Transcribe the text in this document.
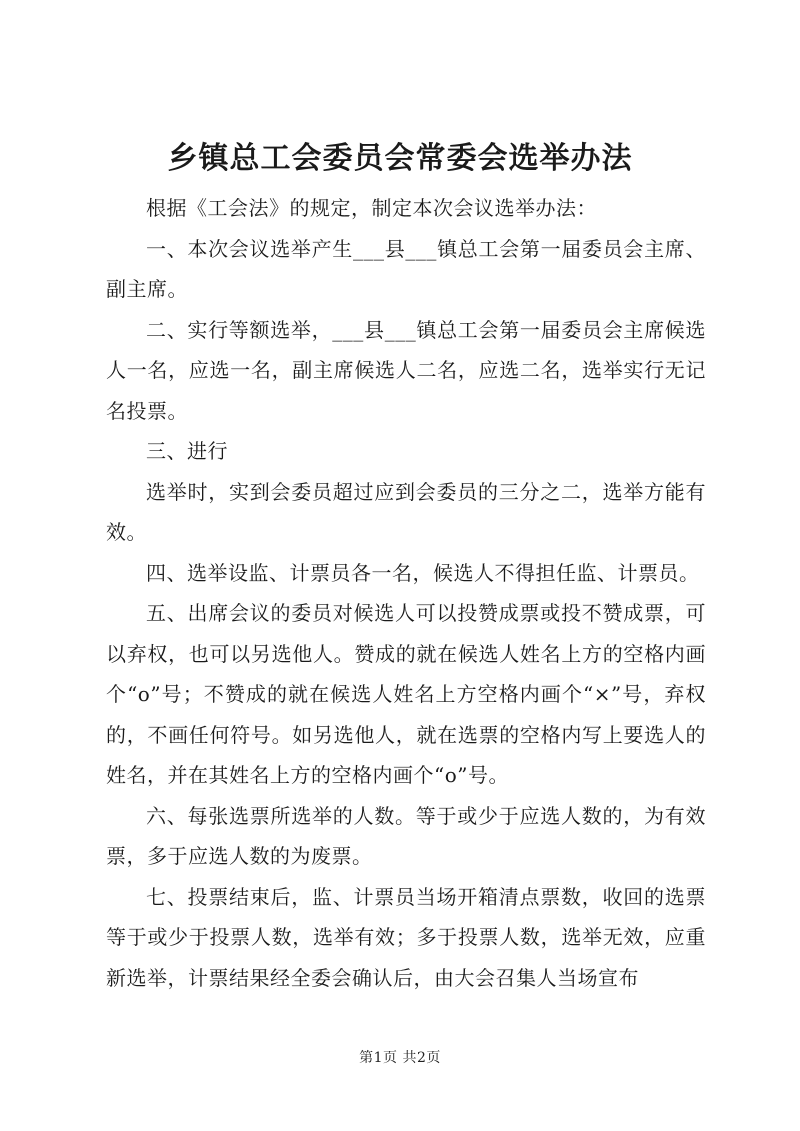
乡镇总工会委员会常委会选举办法

根据《工会法》的规定，制定本次会议选举办法：

一、本次会议选举产生___县___镇总工会第一届委员会主席、副主席。

二、实行等额选举，___县___镇总工会第一届委员会主席候选人一名，应选一名，副主席候选人二名，应选二名，选举实行无记名投票。

三、进行

选举时，实到会委员超过应到会委员的三分之二，选举方能有效。

四、选举设监、计票员各一名，候选人不得担任监、计票员。

五、出席会议的委员对候选人可以投赞成票或投不赞成票，可以弃权，也可以另选他人。赞成的就在候选人姓名上方的空格内画个“o”号；不赞成的就在候选人姓名上方空格内画个“×”号，弃权的，不画任何符号。如另选他人，就在选票的空格内写上要选人的姓名，并在其姓名上方的空格内画个“o”号。

六、每张选票所选举的人数。等于或少于应选人数的，为有效票，多于应选人数的为废票。

七、投票结束后，监、计票员当场开箱清点票数，收回的选票等于或少于投票人数，选举有效；多于投票人数，选举无效，应重新选举，计票结果经全委会确认后，由大会召集人当场宣布

第1页 共2页
